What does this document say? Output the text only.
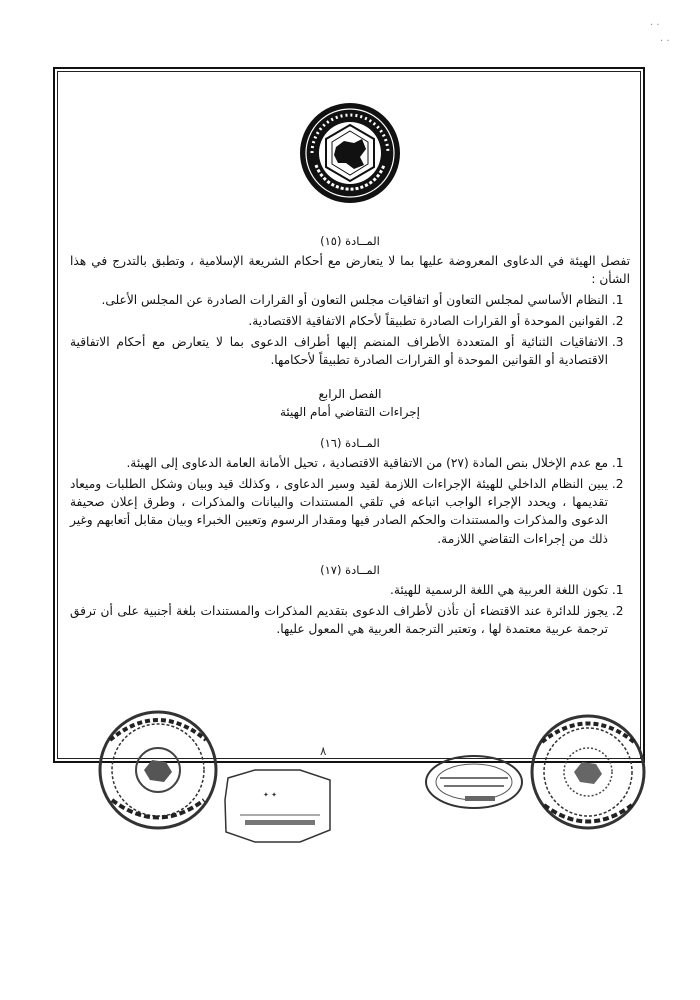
· ·
· ·
المــادة (١٥)

تفصل الهيئة في الدعاوى المعروضة عليها بما لا يتعارض مع أحكام الشريعة الإسلامية ، وتطبق بالتدرج في هذا الشأن :

1. النظام الأساسي لمجلس التعاون أو اتفاقيات مجلس التعاون أو القرارات الصادرة عن المجلس الأعلى.
2. القوانين الموحدة أو القرارات الصادرة تطبيقاً لأحكام الاتفاقية الاقتصادية.
3. الاتفاقيات الثنائية أو المتعددة الأطراف المنضم إليها أطراف الدعوى بما لا يتعارض مع أحكام الاتفاقية الاقتصادية أو القوانين الموحدة أو القرارات الصادرة تطبيقاً لأحكامها.
الفصل الرابع
إجراءات التقاضي أمام الهيئة
المــادة (١٦)
1. مع عدم الإخلال بنص المادة (٢٧) من الاتفاقية الاقتصادية ، تحيل الأمانة العامة الدعاوى إلى الهيئة.
2. يبين النظام الداخلي للهيئة الإجراءات اللازمة لقيد وسير الدعاوى ، وكذلك قيد وبيان وشكل الطلبات وميعاد تقديمها ، ويحدد الإجراء الواجب اتباعه في تلقي المستندات والبيانات والمذكرات ، وطرق إعلان صحيفة الدعوى والمذكرات والمستندات والحكم الصادر فيها ومقدار الرسوم وتعيين الخبراء وبيان مقابل أتعابهم وغير ذلك من إجراءات التقاضي اللازمة.
المــادة (١٧)
1. تكون اللغة العربية هي اللغة الرسمية للهيئة.
2. يجوز للدائرة عند الاقتضاء أن تأذن لأطراف الدعوى بتقديم المذكرات والمستندات بلغة أجنبية على أن ترفق ترجمة عربية معتمدة لها ، وتعتبر الترجمة العربية هي المعول عليها.
٨
✦ ✦
